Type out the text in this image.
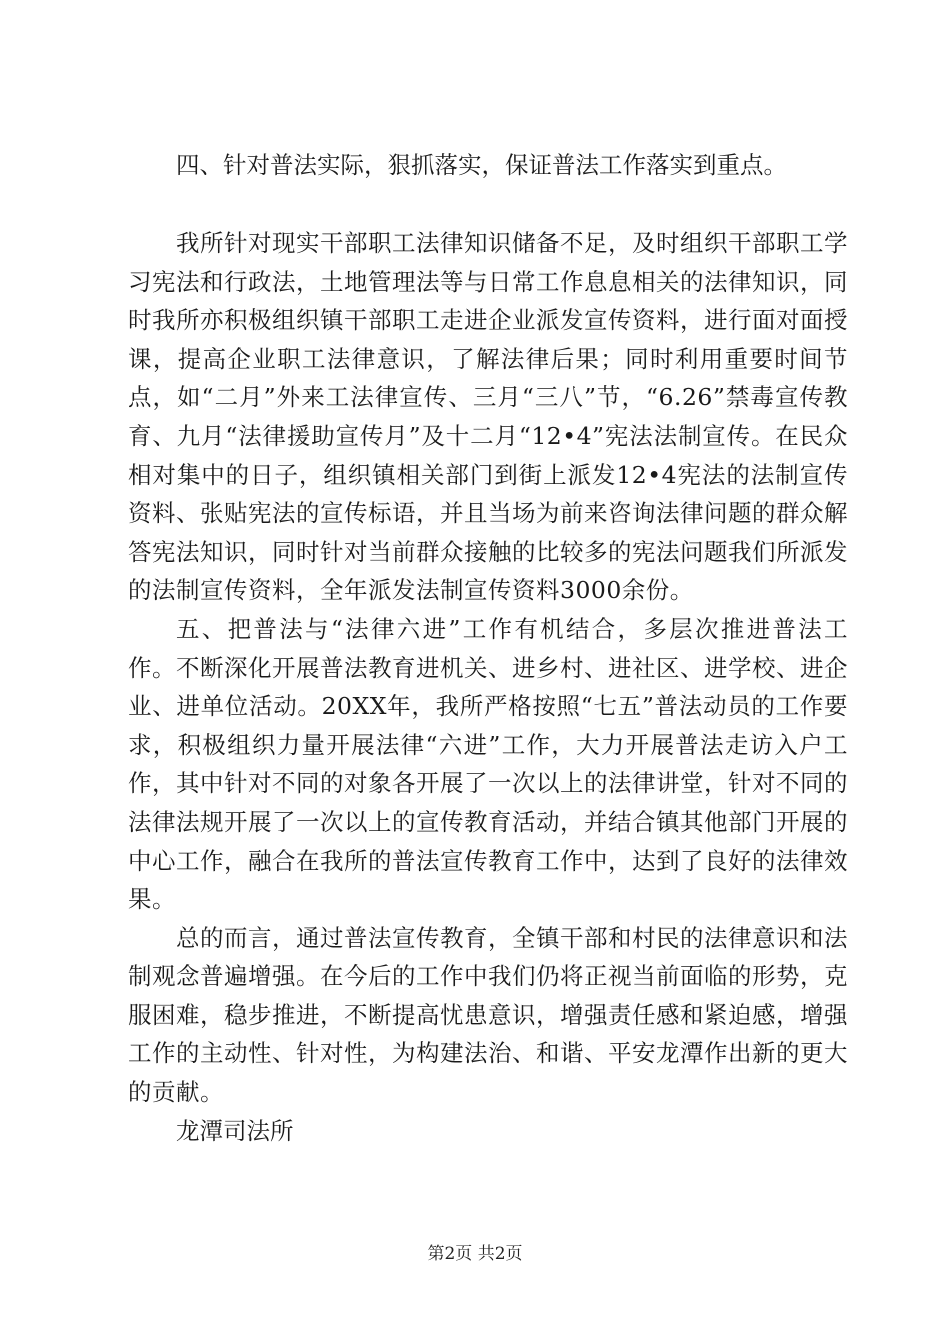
四、针对普法实际，狠抓落实，保证普法工作落实到重点。

我所针对现实干部职工法律知识储备不足，及时组织干部职工学习宪法和行政法，土地管理法等与日常工作息息相关的法律知识，同时我所亦积极组织镇干部职工走进企业派发宣传资料，进行面对面授课，提高企业职工法律意识，了解法律后果；同时利用重要时间节点，如“二月”外来工法律宣传、三月“三八”节，“6.26”禁毒宣传教育、九月“法律援助宣传月”及十二月“12•4”宪法法制宣传。在民众相对集中的日子，组织镇相关部门到街上派发12•4宪法的法制宣传资料、张贴宪法的宣传标语，并且当场为前来咨询法律问题的群众解答宪法知识，同时针对当前群众接触的比较多的宪法问题我们所派发的法制宣传资料，全年派发法制宣传资料3000余份。

五、把普法与“法律六进”工作有机结合，多层次推进普法工作。不断深化开展普法教育进机关、进乡村、进社区、进学校、进企业、进单位活动。20XX年，我所严格按照“七五”普法动员的工作要求，积极组织力量开展法律“六进”工作，大力开展普法走访入户工作，其中针对不同的对象各开展了一次以上的法律讲堂，针对不同的法律法规开展了一次以上的宣传教育活动，并结合镇其他部门开展的中心工作，融合在我所的普法宣传教育工作中，达到了良好的法律效果。

总的而言，通过普法宣传教育，全镇干部和村民的法律意识和法制观念普遍增强。在今后的工作中我们仍将正视当前面临的形势，克服困难，稳步推进，不断提高忧患意识，增强责任感和紧迫感，增强工作的主动性、针对性，为构建法治、和谐、平安龙潭作出新的更大的贡献。

龙潭司法所

第2页 共2页
